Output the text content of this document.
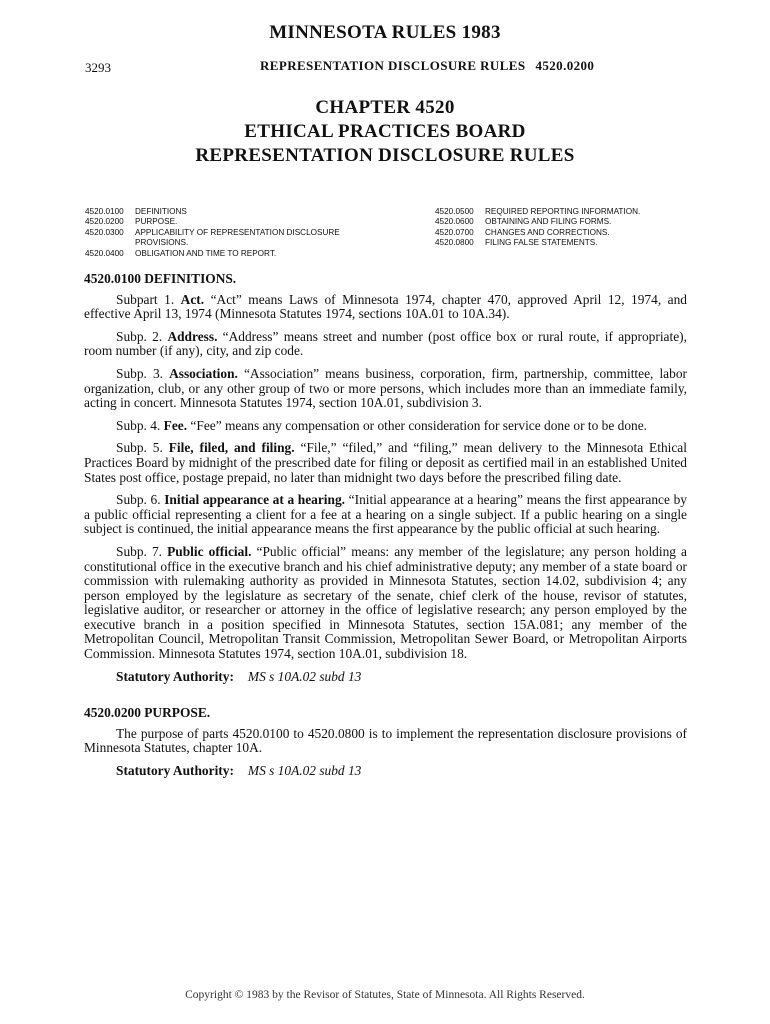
MINNESOTA RULES 1983
3293	REPRESENTATION DISCLOSURE RULES 4520.0200
CHAPTER 4520
ETHICAL PRACTICES BOARD
REPRESENTATION DISCLOSURE RULES
4520.0100	DEFINITIONS
4520.0200	PURPOSE.
4520.0300	APPLICABILITY OF REPRESENTATION DISCLOSURE PROVISIONS.
4520.0400	OBLIGATION AND TIME TO REPORT.
4520.0500	REQUIRED REPORTING INFORMATION.
4520.0600	OBTAINING AND FILING FORMS.
4520.0700	CHANGES AND CORRECTIONS.
4520.0800	FILING FALSE STATEMENTS.
4520.0100 DEFINITIONS.

Subpart 1. Act. “Act” means Laws of Minnesota 1974, chapter 470, approved April 12, 1974, and effective April 13, 1974 (Minnesota Statutes 1974, sections 10A.01 to 10A.34).

Subp. 2. Address. “Address” means street and number (post office box or rural route, if appropriate), room number (if any), city, and zip code.

Subp. 3. Association. “Association” means business, corporation, firm, partnership, committee, labor organization, club, or any other group of two or more persons, which includes more than an immediate family, acting in concert. Minnesota Statutes 1974, section 10A.01, subdivision 3.

Subp. 4. Fee. “Fee” means any compensation or other consideration for service done or to be done.

Subp. 5. File, filed, and filing. “File,” “filed,” and “filing,” mean delivery to the Minnesota Ethical Practices Board by midnight of the prescribed date for filing or deposit as certified mail in an established United States post office, postage prepaid, no later than midnight two days before the prescribed filing date.

Subp. 6. Initial appearance at a hearing. “Initial appearance at a hearing” means the first appearance by a public official representing a client for a fee at a hearing on a single subject. If a public hearing on a single subject is continued, the initial appearance means the first appearance by the public official at such hearing.

Subp. 7. Public official. “Public official” means: any member of the legislature; any person holding a constitutional office in the executive branch and his chief administrative deputy; any member of a state board or commission with rulemaking authority as provided in Minnesota Statutes, section 14.02, subdivision 4; any person employed by the legislature as secretary of the senate, chief clerk of the house, revisor of statutes, legislative auditor, or researcher or attorney in the office of legislative research; any person employed by the executive branch in a position specified in Minnesota Statutes, section 15A.081; any member of the Metropolitan Council, Metropolitan Transit Commission, Metropolitan Sewer Board, or Metropolitan Airports Commission. Minnesota Statutes 1974, section 10A.01, subdivision 18.

Statutory Authority: MS s 10A.02 subd 13
4520.0200 PURPOSE.

The purpose of parts 4520.0100 to 4520.0800 is to implement the representation disclosure provisions of Minnesota Statutes, chapter 10A.

Statutory Authority: MS s 10A.02 subd 13
Copyright © 1983 by the Revisor of Statutes, State of Minnesota. All Rights Reserved.
